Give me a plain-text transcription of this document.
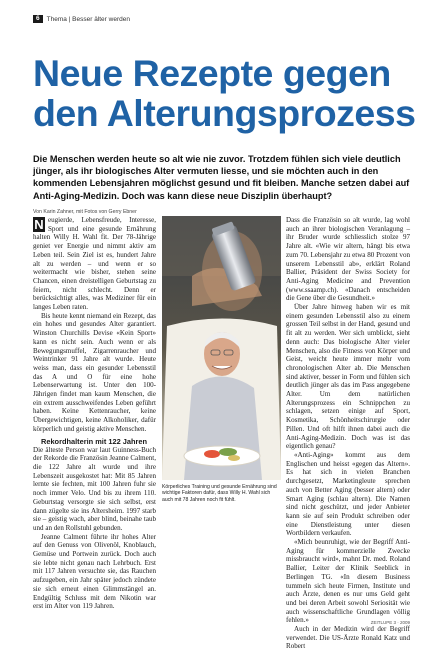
6	Thema | Besser älter werden
Neue Rezepte gegen
den Alterungsprozess

Die Menschen werden heute so alt wie nie zuvor. Trotzdem fühlen sich viele deutlich jünger, als ihr biologisches Alter vermuten liesse, und sie möchten auch in den kommenden Lebensjahren möglichst gesund und fit bleiben. Manche setzen dabei auf Anti-Aging-Medizin. Doch was kann diese neue Disziplin überhaupt?

Von Karin Zahner, mit Fotos von Gerry Ebner

N eugierde, Lebensfreude, Interesse, Sport und eine gesunde Ernährung halten Willy H. Wahl fit. Der 78-Jährige geniet ver Energie und nimmt aktiv am Leben teil. Sein Ziel ist es, hundert Jahre alt zu werden – und wenn er so weitermacht wie bisher, stehen seine Chancen, einen dreistelligen Geburtstag zu feiern, nicht schlecht. Denn er berücksichtigt alles, was Mediziner für ein langes Leben raten.

Bis heute kennt niemand ein Rezept, das ein hohes und gesundes Alter garantiert. Winston Churchills Devise «Kein Sport» kann es nicht sein. Auch wenn er als Bewegungsmuffel, Zigarrenraucher und Weintrinker 91 Jahre alt wurde. Heute weiss man, dass ein gesunder Lebensstil das A und O für eine hohe Lebenserwartung ist. Unter den 100-Jährigen findet man kaum Menschen, die ein extrem ausschweifendes Leben geführt haben. Keine Kettenraucher, keine Übergewichtigen, keine Alkoholiker, dafür körperlich und geistig aktive Menschen.

Rekordhalterin mit 122 Jahren

Die älteste Person war laut Guinness-Buch der Rekorde die Französin Jeanne Calment, die 122 Jahre alt wurde und ihre Lebenszeit ausgekostet hat: Mit 85 Jahren lernte sie fechten, mit 100 Jahren fuhr sie noch immer Velo. Und bis zu ihrem 110. Geburtstag versorgte sie sich selbst, erst dann zügelte sie ins Altersheim. 1997 starb sie – geistig wach, aber blind, beinahe taub und an den Rollstuhl gebunden.

Jeanne Calment führte ihr hohes Alter auf den Genuss von Olivenöl, Knoblauch, Gemüse und Portwein zurück. Doch auch sie lebte nicht genau nach Lehrbuch. Erst mit 117 Jahren versuchte sie, das Rauchen aufzugeben, ein Jahr später jedoch zündete sie sich erneut einen Glimmstängel an. Endgültig Schluss mit dem Nikotin war erst im Alter von 119 Jahren.

Körperliches Training und gesunde Ernährung sind wichtige Faktoren dafür, dass Willy H. Wahl sich auch mit 78 Jahren noch fit fühlt.

Dass die Französin so alt wurde, lag wohl auch an ihrer biologischen Veranlagung – ihr Bruder wurde schliesslich stolze 97 Jahre alt. «Wie wir altern, hängt bis etwa zum 70. Lebensjahr zu etwa 80 Prozent von unserem Lebensstil ab», erklärt Roland Ballier, Präsident der Swiss Society for Anti-Aging Medicine and Prevention (www.ssaamp.ch). «Danach entscheiden die Gene über die Gesundheit.»

Über Jahre hinweg haben wir es mit einem gesunden Lebensstil also zu einem grossen Teil selbst in der Hand, gesund und fit alt zu werden. Wer sich umblickt, sieht denn auch: Das biologische Alter vieler Menschen, also die Fitness von Körper und Geist, weicht heute immer mehr vom chronologischen Alter ab. Die Menschen sind aktiver, besser in Form und fühlen sich deutlich jünger als das im Pass angegebene Alter. Um dem natürlichen Alterungsprozess ein Schnippchen zu schlagen, setzen einige auf Sport, Kosmetika, Schönheitschirurgie oder Pillen. Und oft hilft ihnen dabei auch die Anti-Aging-Medizin. Doch was ist das eigentlich genau?

«Anti-Aging» kommt aus dem Englischen und heisst «gegen das Altern». Es hat sich in vielen Branchen durchgesetzt, Marketingleute sprechen auch von Better Aging (besser altern) oder Smart Aging (schlau altern). Die Namen sind nicht geschützt, und jeder Anbieter kann sie auf sein Produkt schreiben oder eine Dienstleistung unter diesen Wortbildern verkaufen.

«Mich beunruhigt, wie der Begriff Anti-Aging für kommerzielle Zwecke missbraucht wird», mahnt Dr. med. Roland Ballier, Leiter der Klinik Seeblick in Berlingen TG. «In diesem Business tummeln sich heute Firmen, Institute und auch Ärzte, denen es nur ums Geld geht und bei deren Arbeit sowohl Seriosität wie auch wissenschaftliche Grundlagen völlig fehlen.»

Auch in der Medizin wird der Begriff verwendet. Die US-Ärzte Ronald Katz und Robert

ZEITLUPE 3 · 2009
